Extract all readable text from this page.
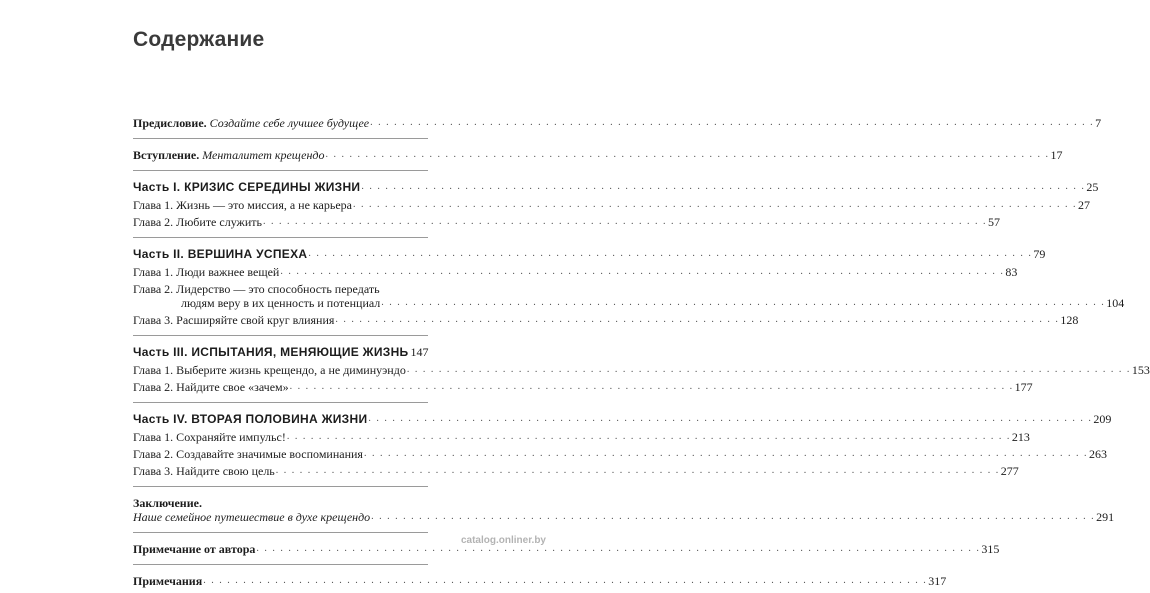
Содержание
Предисловие. Создайте себе лучшее будущее . . .	7
Вступление. Менталитет крещендо . . .	17
Часть I. КРИЗИС СЕРЕДИНЫ ЖИЗНИ . . .	25
Глава 1. Жизнь — это миссия, а не карьера . . .	27
Глава 2. Любите служить . . .	57
Часть II. ВЕРШИНА УСПЕХА . . .	79
Глава 1. Люди важнее вещей . . .	83
Глава 2. Лидерство — это способность передать
людям веру в их ценность и потенциал . . .	104
Глава 3. Расширяйте свой круг влияния . . .	128
Часть III. ИСПЫТАНИЯ, МЕНЯЮЩИЕ ЖИЗНЬ 147
Глава 1. Выберите жизнь крещендо, а не диминуэндо . . .	153
Глава 2. Найдите свое «зачем» . . .	177
Часть IV. ВТОРАЯ ПОЛОВИНА ЖИЗНИ . . .	209
Глава 1. Сохраняйте импульс! . . .	213
Глава 2. Создавайте значимые воспоминания . . .	263
Глава 3. Найдите свою цель . . .	277
Заключение.
Наше семейное путешествие в духе крещендо . . .	291
Примечание от автора . . .	315
Примечания . . .	317
catalog.onliner.by
